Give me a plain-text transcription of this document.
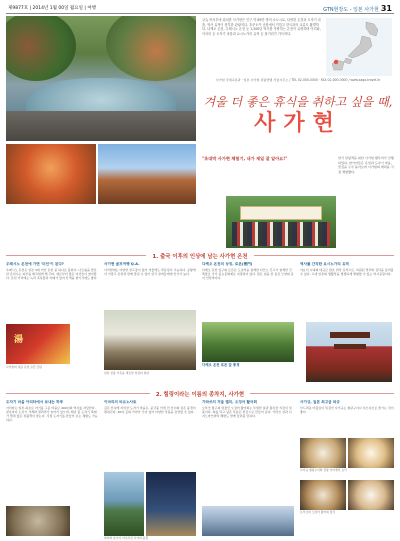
제9877호 | 2014년 1월 00일 월요일 | 여행	GTN현장도 - 일본 사가현 31
규슈 북서부에 위치한 사가현은 인구 약 85만 명의 소도시로, 다양한 온천과 도자기 마을, 역사 유적이 풍부한 관광지다. 후쿠오카 공항에서 가깝고 한국과의 교류도 활발하다. 다케오 온천, 우레시노 온천 등 1,300년 역사를 자랑하는 온천이 유명하며 아리타, 이마리 등 도자기 마을과 요시노가리 유적 등 볼거리가 가득하다.
사가현 국제교류과 · 일본 사가현 관광연맹 서울사무소 / TEL 02-000-0000 · FAX 02-000-0000 / www.saga-travel.kr
겨울 더 좋은 휴식을 취하고 싶을 때,
사가현
"초대박 사가현 체험기, 내가 제일 잘 알아요!"	한국 관광객을 위한 사가현 팸투어가 진행되었다. 참가자들은 온천과 도자기 마을, 맛집을 두루 돌아보며 사가현의 매력을 직접 체험했다.
1. 출국 이후의 인상에 남는 사가현 온천
우레시노 온천에 가면 '미인'이 된다?

우레시노 온천은 일본 3대 미인 온천 중 하나로 꼽힌다. 나트륨을 함유한 온천수는 피부를 매끄럽게 해 주며, 예로부터 많은 여성들이 찾아왔다. 온천 거리에는 녹차 족욕탕과 카페가 있어 산책을 즐기기에도 좋다.

사가현 골프여행 Q.A.

사가현에는 다양한 골프장이 있어 겨울에도 라운딩이 가능하다. 공항에서 가깝고 온천과 함께 즐길 수 있어 한국 골퍼들에게 인기가 높다.

다케오 온천의 상징, 로몬(楼門)

다케오 온천 입구의 로몬은 도쿄역을 설계한 다쓰노 긴고가 설계한 건축물로 국가 중요문화재로 지정되어 있다. 붉은 칠을 한 용궁 모양의 문이 인상적이다.

역사를 간직한 요시노가리 유적

야요이 시대의 대규모 환호 취락 유적으로, 복원된 망루와 집락을 둘러볼 수 있다. 고대 일본의 생활상을 생생하게 체험할 수 있는 역사공원이다.

湯
사가현의 대표 온천 료칸 간판
일본 전통 가옥을 개조한 찻집의 실내
다케오 온천 로몬 앞 풍경
2. 힐링이라는 이름의 종착지, 사가현
도자기 마을 아리타에서 보내는 하루

아리타는 일본 최초로 자기를 구운 마을로 400년의 역사를 자랑한다. 골목마다 도자기 가게와 갤러리가 늘어서 있으며, 매년 봄 도자기 축제가 열려 많은 관광객이 찾는다. 직접 도자기를 만들어 보는 체험도 가능하다.

이마리의 비요노사토

깊은 산속에 자리한 도자기 마을로, 중국풍 안개 낀 산수화 같은 풍경이 펼쳐진다. 30여 곳의 가마가 모여 있어 다양한 작품을 감상할 수 있다.

가라쓰의 겨울 별미, 오징어 활어회

요부코 항구의 명물인 오징어 활어회는 투명한 살과 쫄깃한 식감이 일품이다. 회를 먹고 남은 부분은 튀김으로 만들어 준다. 가라쓰 성과 니지노마쓰바라 해변도 함께 둘러볼 만하다.

사가규, 일본 최고급 와규

부드러운 마블링이 특징인 사가규는 철판구이나 샤브샤브로 즐기는 것이 좋다.

사가규 철판구이와 전통 가이세키 요리
요부코의 오징어 활어회 정식
바다와 호수가 어우러진 사가의 풍경
